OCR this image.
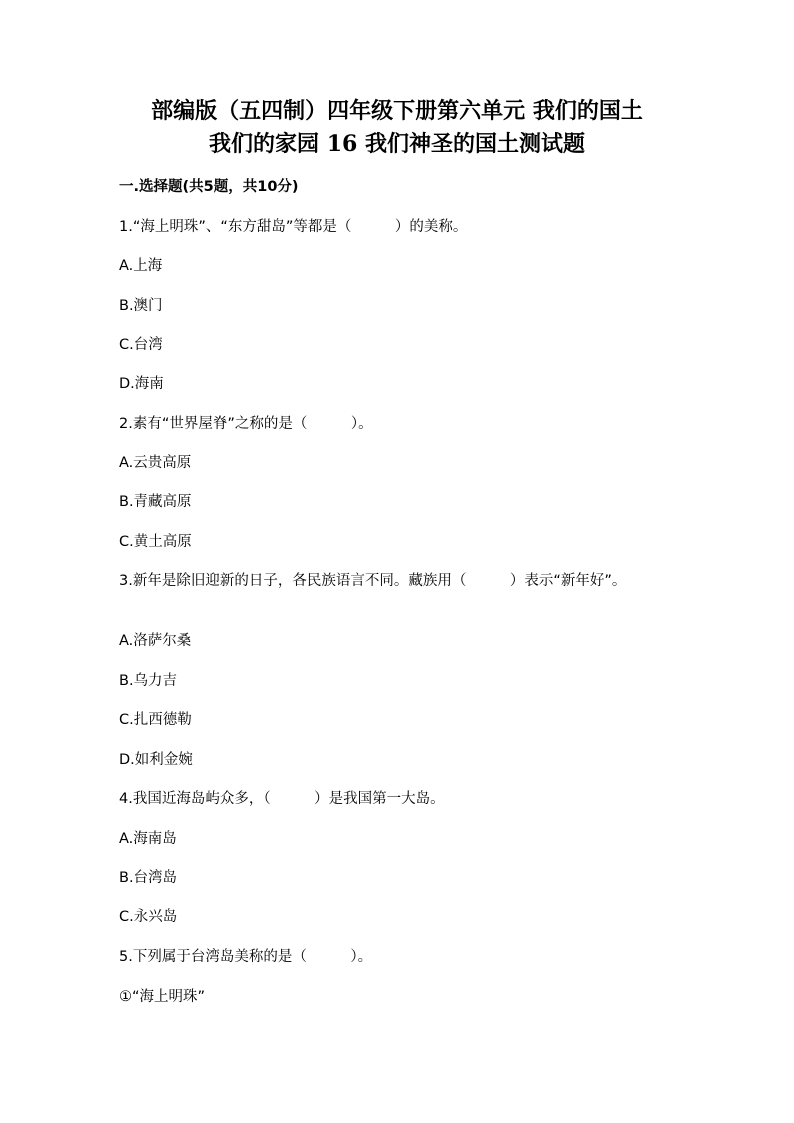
部编版（五四制）四年级下册第六单元 我们的国土
我们的家园 16 我们神圣的国土测试题
一.选择题(共5题，共10分)
1.“海上明珠”、“东方甜岛”等都是（　　　）的美称。
A.上海
B.澳门
C.台湾
D.海南
2.素有“世界屋脊”之称的是（　　　）。
A.云贵高原
B.青藏高原
C.黄土高原
3.新年是除旧迎新的日子，各民族语言不同。藏族用（　　　）表示“新年好”。
A.洛萨尔桑
B.乌力吉
C.扎西德勒
D.如利金婉
4.我国近海岛屿众多，（　　　）是我国第一大岛。
A.海南岛
B.台湾岛
C.永兴岛
5.下列属于台湾岛美称的是（　　　）。
①“海上明珠”
